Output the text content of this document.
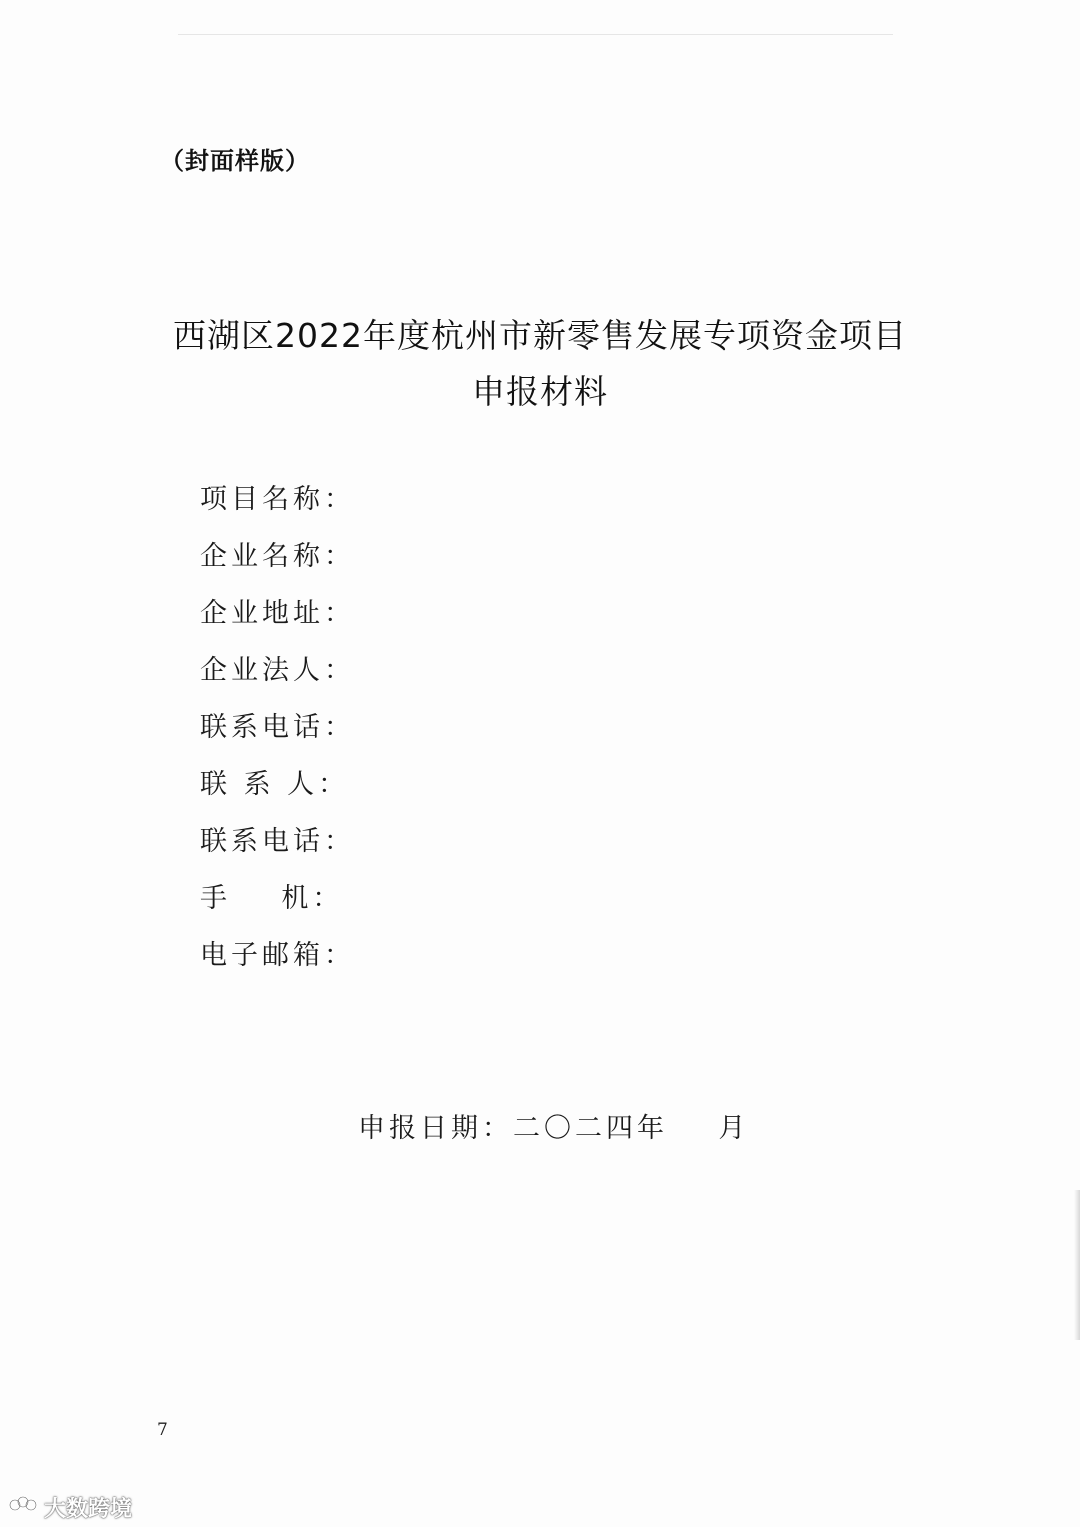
（封面样版）
西湖区2022年度杭州市新零售发展专项资金项目
申报材料
项目名称：
企业名称：
企业地址：
企业法人：
联系电话：
联 系 人：
联系电话：
手    机：
电子邮箱：
申报日期：二〇二四年    月
7
大数跨境
